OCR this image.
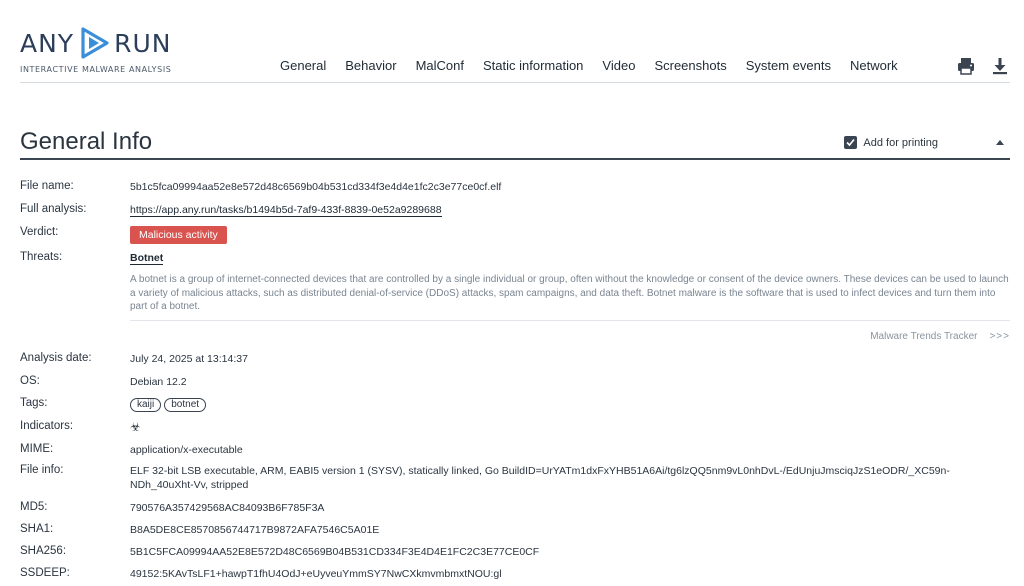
ANY RUN
INTERACTIVE MALWARE ANALYSIS	General Behavior MalConf Static information Video Screenshots System events Network
General Info	Add for printing
File name:	5b1c5fca09994aa52e8e572d48c6569b04b531cd334f3e4d4e1fc2c3e77ce0cf.elf
Full analysis:	https://app.any.run/tasks/b1494b5d-7af9-433f-8839-0e52a9289688
Verdict:	Malicious activity
Threats:	Botnet
A botnet is a group of internet-connected devices that are controlled by a single individual or group, often without the knowledge or consent of the device owners. These devices can be used to launch a variety of malicious attacks, such as distributed denial-of-service (DDoS) attacks, spam campaigns, and data theft. Botnet malware is the software that is used to infect devices and turn them into part of a botnet.
Malware Trends Tracker >>>
Analysis date:	July 24, 2025 at 13:14:37
OS:	Debian 12.2
Tags:	kaiji botnet
Indicators:	☣
MIME:	application/x-executable
File info:	ELF 32-bit LSB executable, ARM, EABI5 version 1 (SYSV), statically linked, Go BuildID=UrYATm1dxFxYHB51A6Ai/tg6lzQQ5nm9vL0nhDvL-/EdUnjuJmsciqJzS1eODR/_XC59n-NDh_40uXht-Vv, stripped
MD5:	790576A357429568AC84093B6F785F3A
SHA1:	B8A5DE8CE8570856744717B9872AFA7546C5A01E
SHA256:	5B1C5FCA09994AA52E8E572D48C6569B04B531CD334F3E4D4E1FC2C3E77CE0CF
SSDEEP:	49152:5KAvTsLF1+hawpT1fhU4OdJ+eUyveuYmmSY7NwCXkmvmbmxtNOU:gl
